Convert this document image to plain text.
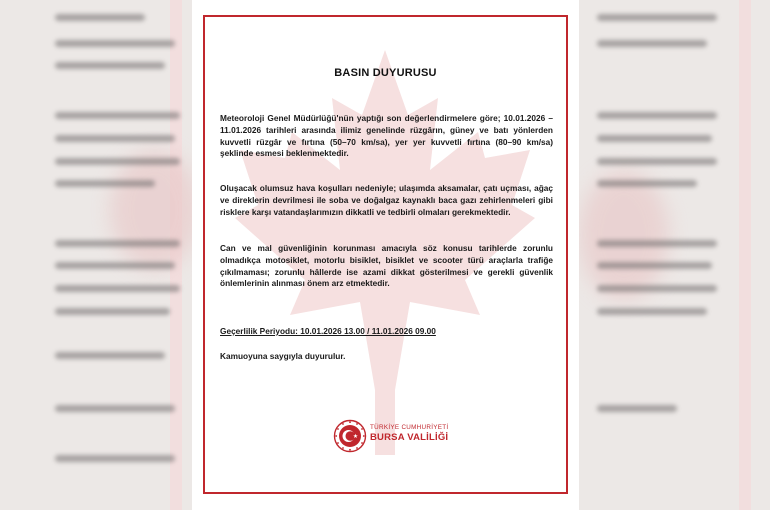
BASIN DUYURUSU

Meteoroloji Genel Müdürlüğü'nün yaptığı son değerlendirmelere göre; 10.01.2026 – 11.01.2026 tarihleri arasında ilimiz genelinde rüzgârın, güney ve batı yönlerden kuvvetli rüzgâr ve fırtına (50–70 km/sa), yer yer kuvvetli fırtına (80–90 km/sa) şeklinde esmesi beklenmektedir.

Oluşacak olumsuz hava koşulları nedeniyle; ulaşımda aksamalar, çatı uçması, ağaç ve direklerin devrilmesi ile soba ve doğalgaz kaynaklı baca gazı zehirlenmeleri gibi risklere karşı vatandaşlarımızın dikkatli ve tedbirli olmaları gerekmektedir.

Can ve mal güvenliğinin korunması amacıyla söz konusu tarihlerde zorunlu olmadıkça motosiklet, motorlu bisiklet, bisiklet ve scooter türü araçlarla trafiğe çıkılmaması; zorunlu hâllerde ise azami dikkat gösterilmesi ve gerekli güvenlik önlemlerinin alınması önem arz etmektedir.

Geçerlilik Periyodu: 10.01.2026 13.00 / 11.01.2026 09.00
Kamuoyuna saygıyla duyurulur.
TÜRKİYE CUMHURİYETİ
BURSA VALİLİĞİ
